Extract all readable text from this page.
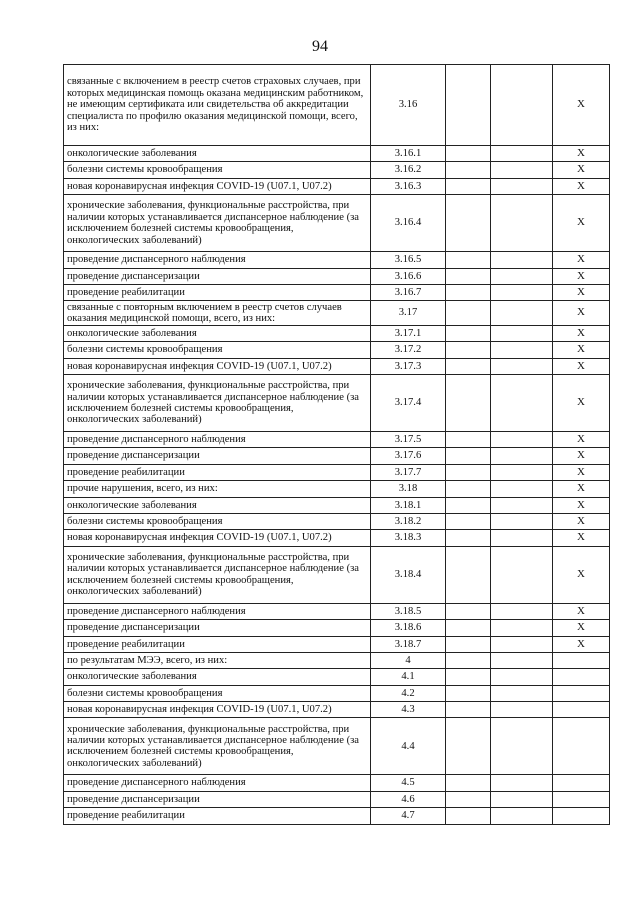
94
связанные с включением в реестр счетов страховых случаев, при которых медицинская помощь оказана медицинским работником, не имеющим сертификата или свидетельства об аккредитации специалиста по профилю оказания медицинской помощи, всего, из них:	3.16			X
онкологические заболевания	3.16.1			X
болезни системы кровообращения	3.16.2			X
новая коронавирусная инфекция COVID-19 (U07.1, U07.2)	3.16.3			X
хронические заболевания, функциональные расстройства, при наличии которых устанавливается диспансерное наблюдение (за исключением болезней системы кровообращения, онкологических заболеваний)	3.16.4			X
проведение диспансерного наблюдения	3.16.5			X
проведение диспансеризации	3.16.6			X
проведение реабилитации	3.16.7			X
связанные с повторным включением в реестр счетов случаев оказания медицинской помощи, всего, из них:	3.17			X
онкологические заболевания	3.17.1			X
болезни системы кровообращения	3.17.2			X
новая коронавирусная инфекция COVID-19 (U07.1, U07.2)	3.17.3			X
хронические заболевания, функциональные расстройства, при наличии которых устанавливается диспансерное наблюдение (за исключением болезней системы кровообращения, онкологических заболеваний)	3.17.4			X
проведение диспансерного наблюдения	3.17.5			X
проведение диспансеризации	3.17.6			X
проведение реабилитации	3.17.7			X
прочие нарушения, всего, из них:	3.18			X
онкологические заболевания	3.18.1			X
болезни системы кровообращения	3.18.2			X
новая коронавирусная инфекция COVID-19 (U07.1, U07.2)	3.18.3			X
хронические заболевания, функциональные расстройства, при наличии которых устанавливается диспансерное наблюдение (за исключением болезней системы кровообращения, онкологических заболеваний)	3.18.4			X
проведение диспансерного наблюдения	3.18.5			X
проведение диспансеризации	3.18.6			X
проведение реабилитации	3.18.7			X
по результатам МЭЭ, всего, из них:	4			
онкологические заболевания	4.1			
болезни системы кровообращения	4.2			
новая коронавирусная инфекция COVID-19 (U07.1, U07.2)	4.3			
хронические заболевания, функциональные расстройства, при наличии которых устанавливается диспансерное наблюдение (за исключением болезней системы кровообращения, онкологических заболеваний)	4.4			
проведение диспансерного наблюдения	4.5			
проведение диспансеризации	4.6			
проведение реабилитации	4.7			
